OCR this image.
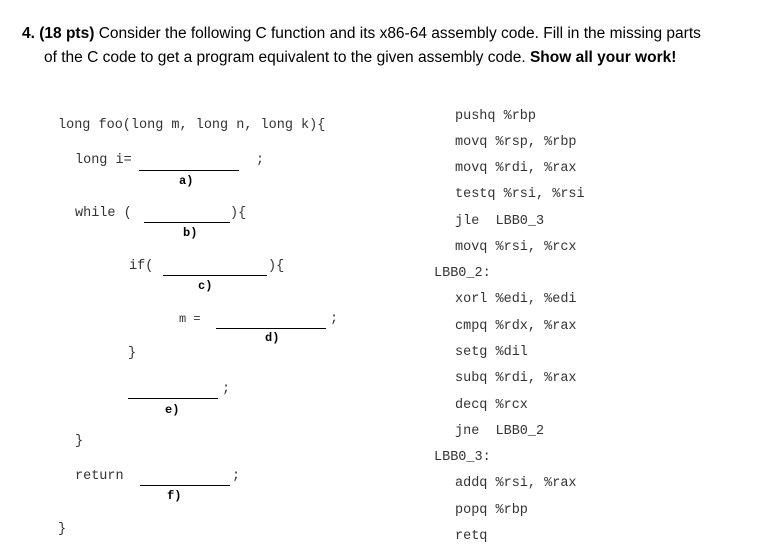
4. (18 pts) Consider the following C function and its x86-64 assembly code. Fill in the missing parts
of the C code to get a program equivalent to the given assembly code. Show all your work!
long foo(long m, long n, long k){
long i=	;
a)
while (	){
b)
if(	){
c)
m =	;
d)
}
;
e)
}
return	;
f)
}
pushq %rbp
movq %rsp, %rbp
movq %rdi, %rax
testq %rsi, %rsi
jle  LBB0_3
movq %rsi, %rcx
LBB0_2:
xorl %edi, %edi
cmpq %rdx, %rax
setg %dil
subq %rdi, %rax
decq %rcx
jne  LBB0_2
LBB0_3:
addq %rsi, %rax
popq %rbp
retq
